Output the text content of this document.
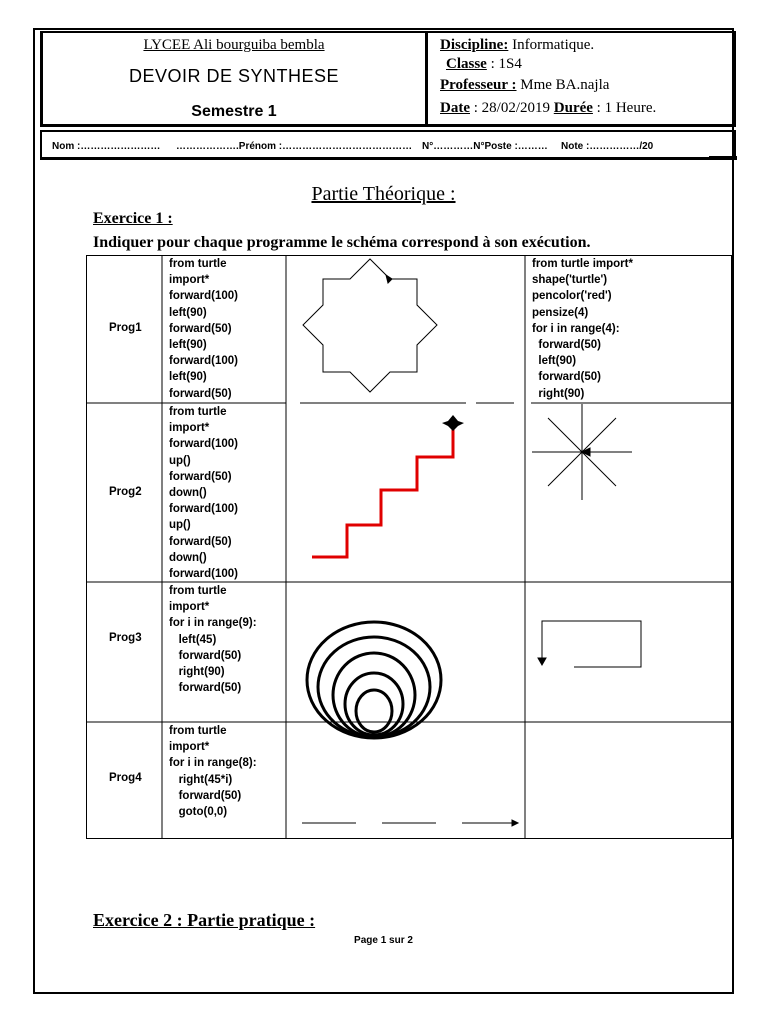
LYCEE Ali bourguiba bembla
DEVOIR DE SYNTHESE
Semestre 1
Discipline: Informatique.
Classe : 1S4
Professeur : Mme BA.najla
Date : 28/02/2019 Durée : 1 Heure.
Nom :…………………… ……………….Prénom :………………………………… N°…………N°Poste :……… Note :……………/20
Partie Théorique :
Exercice 1 :
Indiquer pour chaque programme le schéma correspond à son exécution.
Prog1
Prog2
Prog3
Prog4
from turtle
import*
forward(100)
left(90)
forward(50)
left(90)
forward(100)
left(90)
forward(50)
from turtle
import*
forward(100)
up()
forward(50)
down()
forward(100)
up()
forward(50)
down()
forward(100)
from turtle
import*
for i in range(9):
left(45)
forward(50)
right(90)
forward(50)
from turtle
import*
for i in range(8):
right(45*i)
forward(50)
goto(0,0)
from turtle import*
shape('turtle')
pencolor('red')
pensize(4)
for i in range(4):
forward(50)
left(90)
forward(50)
right(90)
Exercice 2 : Partie pratique :
Page 1 sur 2
